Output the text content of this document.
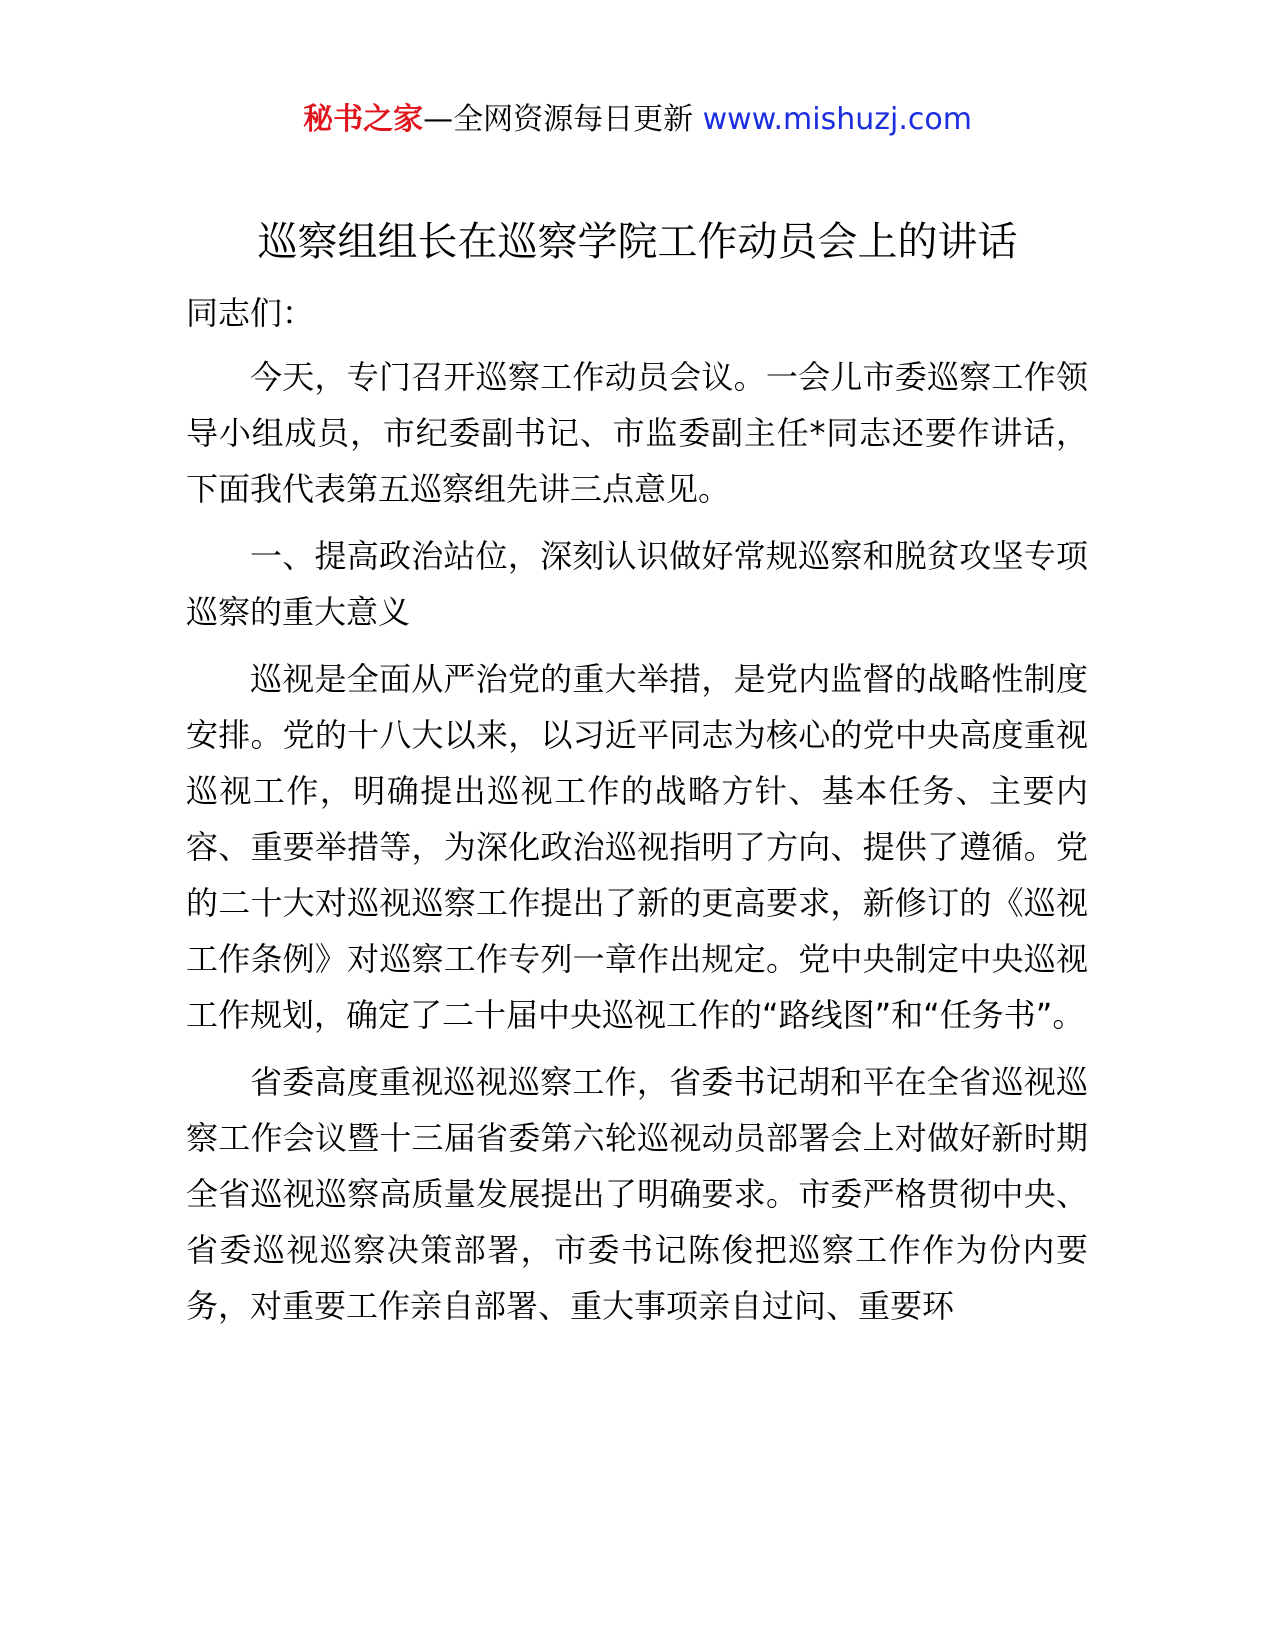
秘书之家—全网资源每日更新 www.mishuzj.com
巡察组组长在巡察学院工作动员会上的讲话

同志们：

今天，专门召开巡察工作动员会议。一会儿市委巡察工作领导小组成员，市纪委副书记、市监委副主任*同志还要作讲话，下面我代表第五巡察组先讲三点意见。

一、提高政治站位，深刻认识做好常规巡察和脱贫攻坚专项巡察的重大意义

巡视是全面从严治党的重大举措，是党内监督的战略性制度安排。党的十八大以来，以习近平同志为核心的党中央高度重视巡视工作，明确提出巡视工作的战略方针、基本任务、主要内容、重要举措等，为深化政治巡视指明了方向、提供了遵循。党的二十大对巡视巡察工作提出了新的更高要求，新修订的《巡视工作条例》对巡察工作专列一章作出规定。党中央制定中央巡视工作规划，确定了二十届中央巡视工作的“路线图”和“任务书”。

省委高度重视巡视巡察工作，省委书记胡和平在全省巡视巡察工作会议暨十三届省委第六轮巡视动员部署会上对做好新时期全省巡视巡察高质量发展提出了明确要求。市委严格贯彻中央、省委巡视巡察决策部署，市委书记陈俊把巡察工作作为份内要务，对重要工作亲自部署、重大事项亲自过问、重要环
